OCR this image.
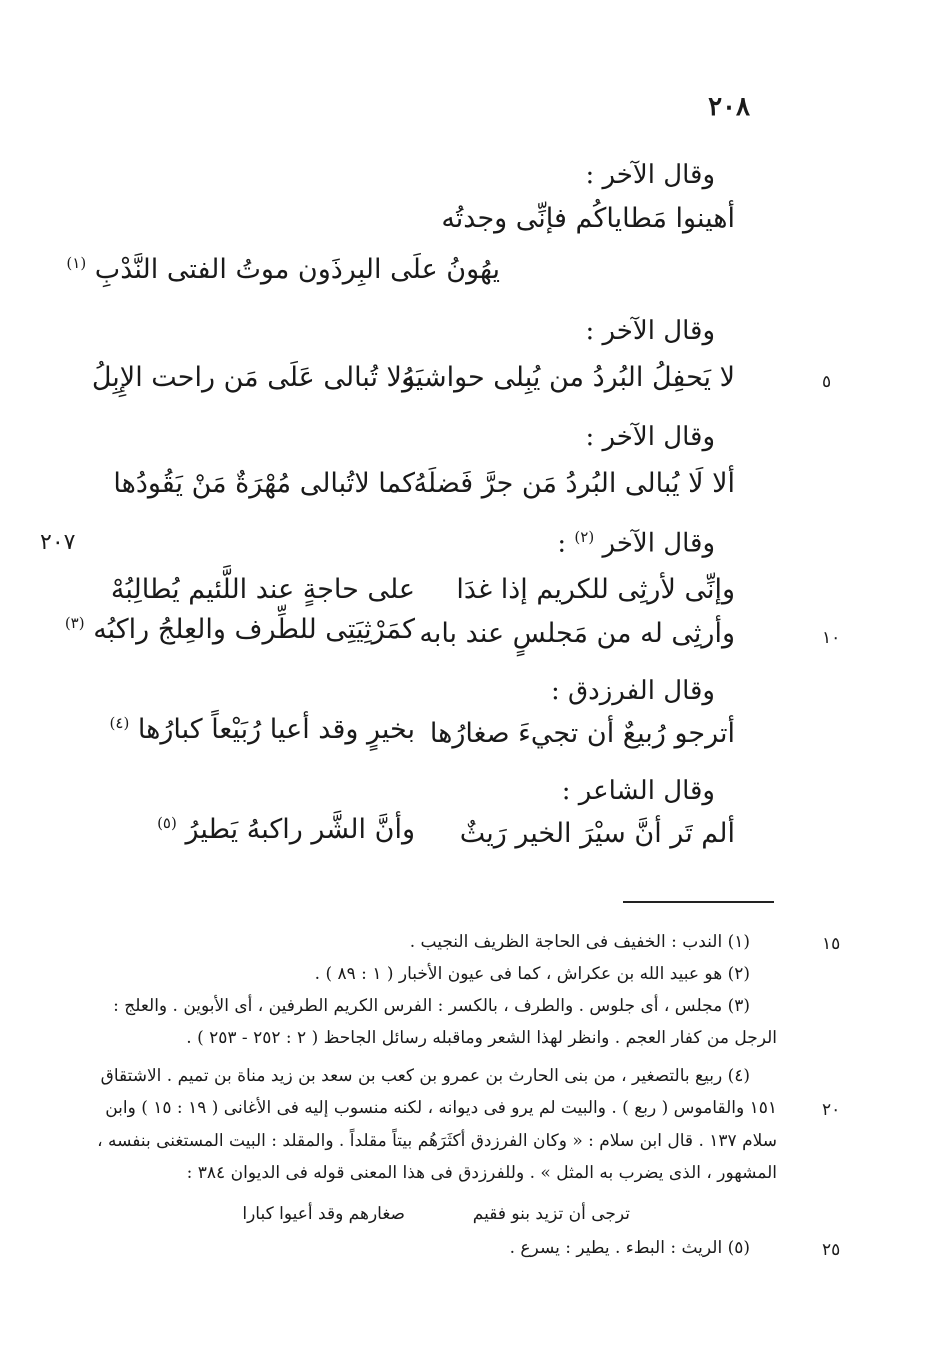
٢٠٨
٢٠٧
وقال الآخر :
أهينوا مَطاياكُم فإنِّى وجدتُه
يهُونُ علَى البِرذَون موتُ الفتى النَّدْبِ $^{(١)}$
وقال الآخر :
لا يَحفِلُ البُردُ من يُبِلى حواشيَهُ
ولا تُبالى عَلَى مَن راحت الإِبِلُ	٥
وقال الآخر :
ألا لَا يُبالى البُردُ مَن جرَّ فَضلَهُ
كما لاتُبالى مُهْرَةٌ مَنْ يَقُودُها
وقال الآخر $^{(٢)}$ :
وإنِّى لأرثِى للكريم إذا غدَا
على حاجةٍ عند اللَّئيم يُطالِبُهْ
وأرثِى له من مَجلسٍ عند بابه
كمَرْثِيَتِى للطِّرف والعِلجُ راكبُه $^{(٣)}$
١٠
وقال الفرزدق :
أترجو رُبيعٌ أن تجيءَ صغارُها
بخيرٍ وقد أعيا رُبَيْعاً كبارُها $^{(٤)}$
وقال الشاعر :
ألم تَر أنَّ سيْرَ الخير رَيثٌ
وأنَّ الشَّر راكبهُ يَطيرُ $^{(٥)}$
(١) الندب : الخفيف فى الحاجة الظريف النجيب .	١٥
(٢) هو عبيد الله بن عكراش ، كما فى عيون الأخبار ( ١ : ٨٩ ) .
(٣) مجلس ، أى جلوس . والطرف ، بالكسر : الفرس الكريم الطرفين ، أى الأبوين . والعلج :
الرجل من كفار العجم . وانظر لهذا الشعر وماقبله رسائل الجاحظ ( ٢ : ٢٥٢ - ٢٥٣ ) .
(٤) ربيع بالتصغير ، من بنى الحارث بن عمرو بن كعب بن سعد بن زيد مناة بن تميم . الاشتقاق
١٥١ والقاموس ( ربع ) . والبيت لم يرو فى ديوانه ، لكنه منسوب إليه فى الأغانى ( ١٩ : ١٥ ) وابن	٢٠
سلام ١٣٧ . قال ابن سلام : « وكان الفرزدق أكثَرَهُم بيتاً مقلداً . والمقلد : البيت المستغنى بنفسه ،
المشهور ، الذى يضرب به المثل » . وللفرزدق فى هذا المعنى قوله فى الديوان ٣٨٤ :
ترجى أن تزيد بنو فقيم
صغارهم وقد أعيوا كبارا
(٥) الريث : البطء . يطير : يسرع .	٢٥
